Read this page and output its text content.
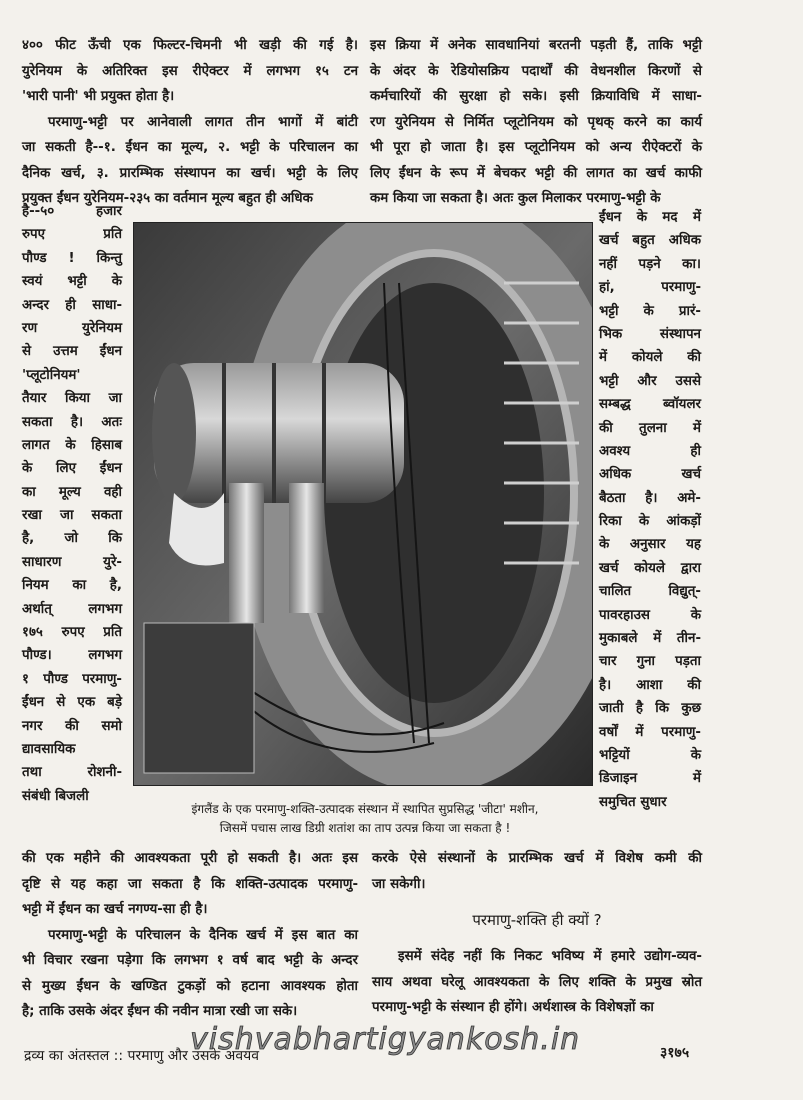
४०० फीट ऊँची एक फिल्टर-चिमनी भी खड़ी की गई है।
युरेनियम के अतिरिक्त इस रीऐक्टर में लगभग १५ टन
'भारी पानी' भी प्रयुक्त होता है।
परमाणु-भट्टी पर आनेवाली लागत तीन भागों में बांटी
जा सकती है--१. ईंधन का मूल्य, २. भट्टी के परिचालन का
दैनिक खर्च, ३. प्रारम्भिक संस्थापन का खर्च। भट्टी के लिए
प्रयुक्त ईंधन युरेनियम-२३५ का वर्तमान मूल्य बहुत ही अधिक
इस क्रिया में अनेक सावधानियां बरतनी पड़ती हैं, ताकि भट्टी
के अंदर के रेडियोसक्रिय पदार्थों की वेधनशील किरणों से
कर्मचारियों की सुरक्षा हो सके। इसी क्रियाविधि में साधा-
रण युरेनियम से निर्मित प्लूटोनियम को पृथक् करने का कार्य
भी पूरा हो जाता है। इस प्लूटोनियम को अन्य रीऐक्टरों के
लिए ईंधन के रूप में बेचकर भट्टी की लागत का खर्च काफी
कम किया जा सकता है। अतः कुल मिलाकर परमाणु-भट्टी के
है--५० हजार
रुपए प्रति
पौण्ड ! किन्तु
स्वयं भट्टी के
अन्दर ही साधा-
रण युरेनियम
से उत्तम ईंधन
'प्लूटोनियम'
तैयार किया जा
सकता है। अतः
लागत के हिसाब
के लिए ईंधन
का मूल्य वही
रखा जा सकता
है, जो कि
साधारण युरे-
नियम का है,
अर्थात् लगभग
१७५ रुपए प्रति
पौण्ड। लगभग
१ पौण्ड परमाणु-
ईंधन से एक बड़े
नगर की समो
द्यावसायिक
तथा रोशनी-
संबंधी बिजली
ईंधन के मद में
खर्च बहुत अधिक
नहीं पड़ने का।
हां, परमाणु-
भट्टी के प्रारं-
भिक संस्थापन
में कोयले की
भट्टी और उससे
सम्बद्ध ब्वॉयलर
की तुलना में
अवश्य ही
अधिक खर्च
बैठता है। अमे-
रिका के आंकड़ों
के अनुसार यह
खर्च कोयले द्वारा
चालित विद्युत्-
पावरहाउस के
मुकाबले में तीन-
चार गुना पड़ता
है। आशा की
जाती है कि कुछ
वर्षों में परमाणु-
भट्टियों के
डिजाइन में
समुचित सुधार
की एक महीने की आवश्यकता पूरी हो सकती है। अतः इस
दृष्टि से यह कहा जा सकता है कि शक्ति-उत्पादक परमाणु-
भट्टी में ईंधन का खर्च नगण्य-सा ही है।
परमाणु-भट्टी के परिचालन के दैनिक खर्च में इस बात का
भी विचार रखना पड़ेगा कि लगभग १ वर्ष बाद भट्टी के अन्दर
से मुख्य ईंधन के खण्डित टुकड़ों को हटाना आवश्यक होता
है; ताकि उसके अंदर ईंधन की नवीन मात्रा रखी जा सके।
करके ऐसे संस्थानों के प्रारम्भिक खर्च में विशेष कमी की
जा सकेगी।
परमाणु-शक्ति ही क्यों ?
इसमें संदेह नहीं कि निकट भविष्य में हमारे उद्योग-व्यव-
साय अथवा घरेलू आवश्यकता के लिए शक्ति के प्रमुख स्रोत
परमाणु-भट्टी के संस्थान ही होंगे। अर्थशास्त्र के विशेषज्ञों का
इंगलैंड के एक परमाणु-शक्ति-उत्पादक संस्थान में स्थापित सुप्रसिद्ध 'जीटा' मशीन,
जिसमें पचास लाख डिग्री शतांश का ताप उत्पन्न किया जा सकता है !
द्रव्य का अंतस्तल :: परमाणु और उसके अवयव
vishvabhartigyankosh.in	३१७५
